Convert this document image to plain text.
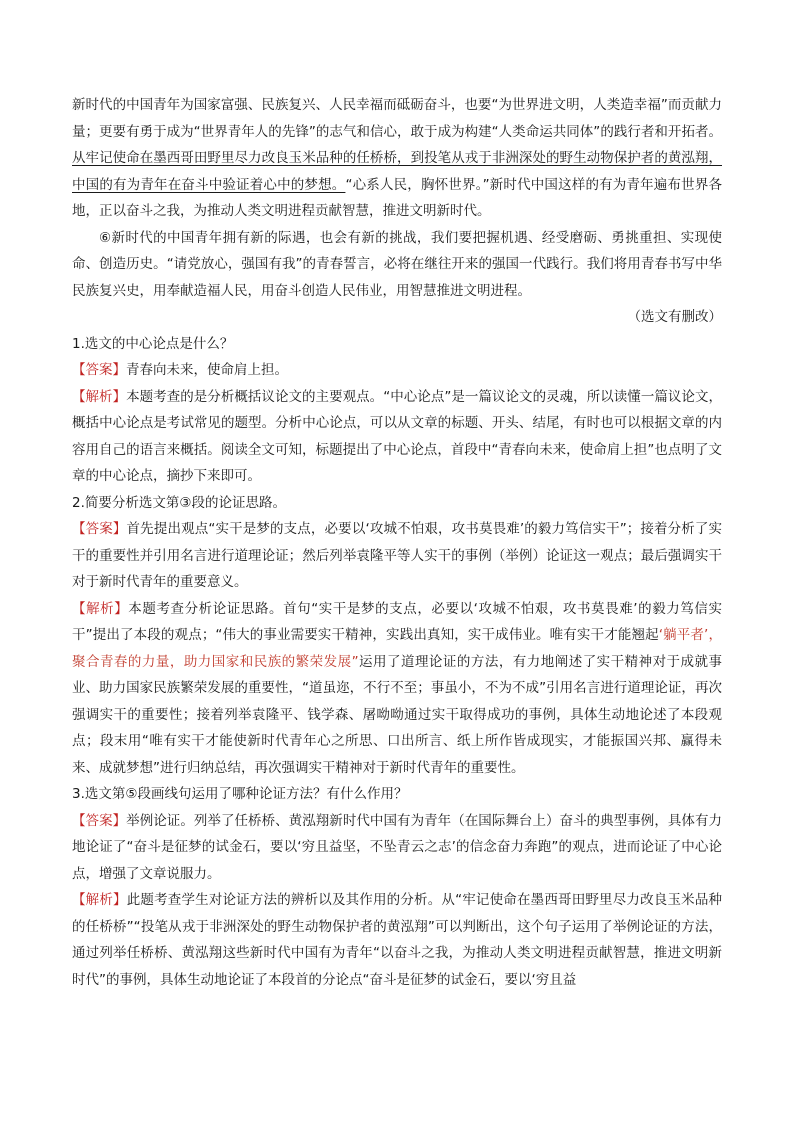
新时代的中国青年为国家富强、民族复兴、人民幸福而砥砺奋斗，也要“为世界进文明，人类造幸福”而贡献力量；更要有勇于成为“世界青年人的先锋”的志气和信心，敢于成为构建“人类命运共同体”的践行者和开拓者。从牢记使命在墨西哥田野里尽力改良玉米品种的任桥桥，到投笔从戎于非洲深处的野生动物保护者的黄泓翔，中国的有为青年在奋斗中验证着心中的梦想。“心系人民，胸怀世界。”新时代中国这样的有为青年遍布世界各地，正以奋斗之我，为推动人类文明进程贡献智慧，推进文明新时代。

⑥新时代的中国青年拥有新的际遇，也会有新的挑战，我们要把握机遇、经受磨砺、勇挑重担、实现使命、创造历史。“请党放心，强国有我”的青春誓言，必将在继往开来的强国一代践行。我们将用青春书写中华民族复兴史，用奉献造福人民，用奋斗创造人民伟业，用智慧推进文明进程。

（选文有删改）

1.选文的中心论点是什么？

【答案】青春向未来，使命肩上担。

【解析】本题考查的是分析概括议论文的主要观点。“中心论点”是一篇议论文的灵魂，所以读懂一篇议论文，概括中心论点是考试常见的题型。分析中心论点，可以从文章的标题、开头、结尾，有时也可以根据文章的内容用自己的语言来概括。阅读全文可知，标题提出了中心论点，首段中“青春向未来，使命肩上担”也点明了文章的中心论点，摘抄下来即可。

2.简要分析选文第③段的论证思路。

【答案】首先提出观点“实干是梦的支点，必要以‘攻城不怕艰，攻书莫畏难’的毅力笃信实干”；接着分析了实干的重要性并引用名言进行道理论证；然后列举袁隆平等人实干的事例（举例）论证这一观点；最后强调实干对于新时代青年的重要意义。

【解析】本题考查分析论证思路。首句“实干是梦的支点，必要以‘攻城不怕艰，攻书莫畏难’的毅力笃信实干”提出了本段的观点；“伟大的事业需要实干精神，实践出真知，实干成伟业。唯有实干才能翘起‘躺平者’，聚合青春的力量，助力国家和民族的繁荣发展”运用了道理论证的方法，有力地阐述了实干精神对于成就事业、助力国家民族繁荣发展的重要性，“道虽迩，不行不至；事虽小，不为不成”引用名言进行道理论证，再次强调实干的重要性；接着列举袁隆平、钱学森、屠呦呦通过实干取得成功的事例，具体生动地论述了本段观点；段末用“唯有实干才能使新时代青年心之所思、口出所言、纸上所作皆成现实，才能振国兴邦、赢得未来、成就梦想”进行归纳总结，再次强调实干精神对于新时代青年的重要性。

3.选文第⑤段画线句运用了哪种论证方法？有什么作用？

【答案】举例论证。列举了任桥桥、黄泓翔新时代中国有为青年（在国际舞台上）奋斗的典型事例，具体有力地论证了“奋斗是征梦的试金石，要以‘穷且益坚，不坠青云之志’的信念奋力奔跑”的观点，进而论证了中心论点，增强了文章说服力。

【解析】此题考查学生对论证方法的辨析以及其作用的分析。从“牢记使命在墨西哥田野里尽力改良玉米品种的任桥桥”“投笔从戎于非洲深处的野生动物保护者的黄泓翔”可以判断出，这个句子运用了举例论证的方法，通过列举任桥桥、黄泓翔这些新时代中国有为青年“以奋斗之我，为推动人类文明进程贡献智慧，推进文明新时代”的事例，具体生动地论证了本段首的分论点“奋斗是征梦的试金石，要以‘穷且益
